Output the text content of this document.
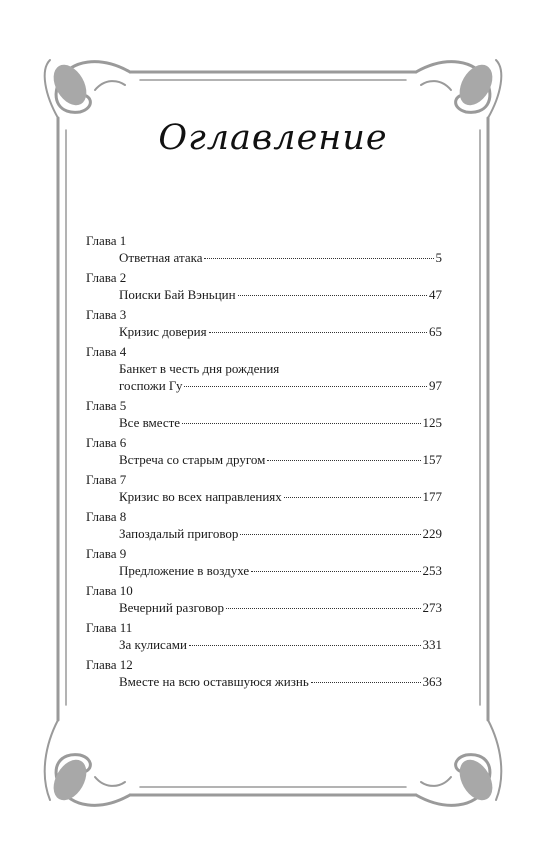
Оглавление
Глава 1
Ответная атака	5
Глава 2
Поиски Бай Вэньцин	47
Глава 3
Кризис доверия	65
Глава 4
Банкет в честь дня рождения
госпожи Гу	97
Глава 5
Все вместе	125
Глава 6
Встреча со старым другом	157
Глава 7
Кризис во всех направлениях	177
Глава 8
Запоздалый приговор	229
Глава 9
Предложение в воздухе	253
Глава 10
Вечерний разговор	273
Глава 11
За кулисами	331
Глава 12
Вместе на всю оставшуюся жизнь	363
